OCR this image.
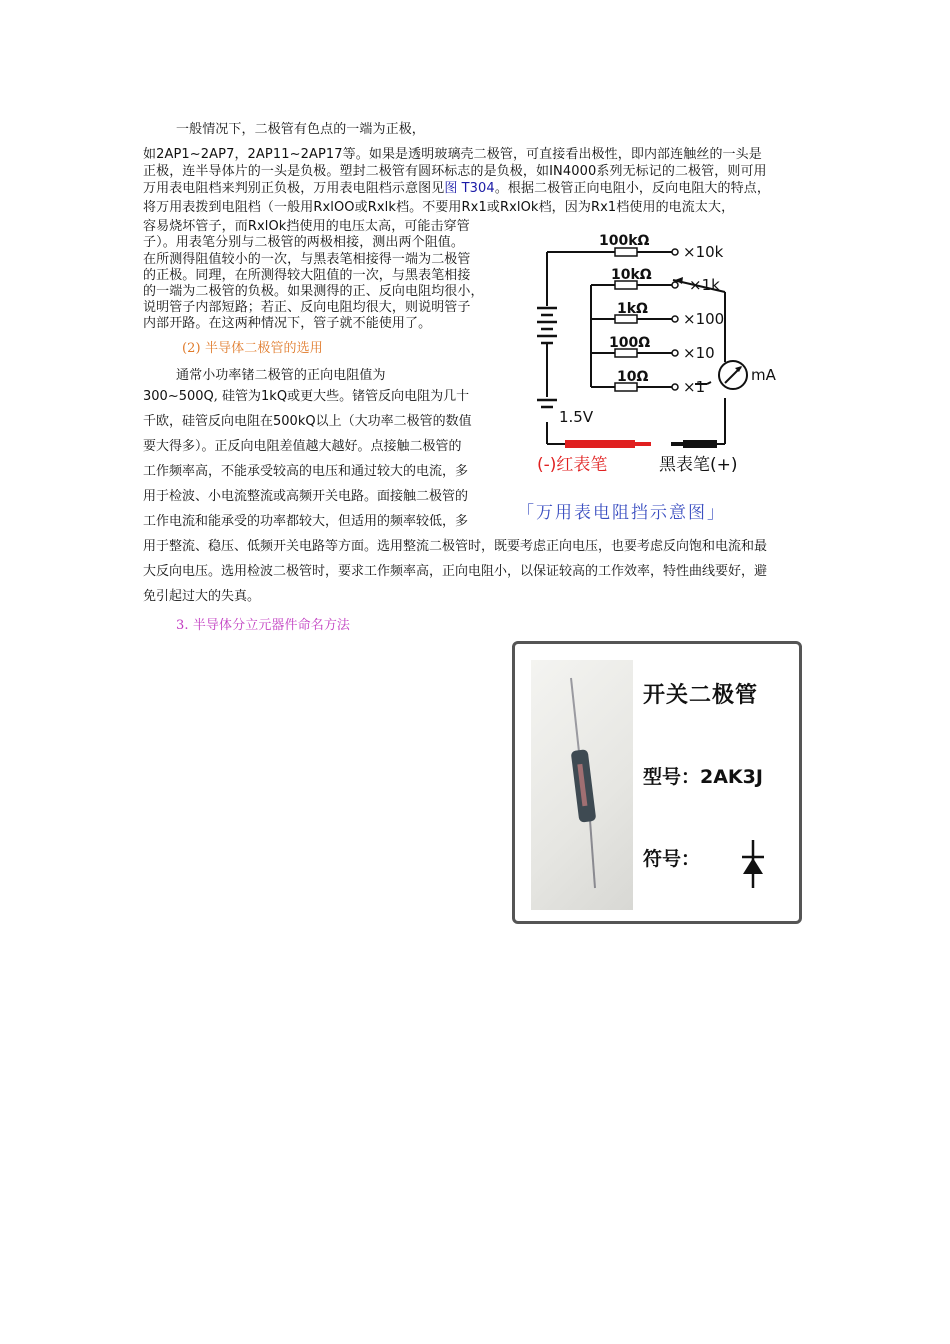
一般情况下，二极管有色点的一端为正极，
如2AP1~2AP7，2AP11~2AP17等。如果是透明玻璃壳二极管，可直接看出极性，即内部连触丝的一头是
正极，连半导体片的一头是负极。塑封二极管有圆环标志的是负极，如IN4000系列无标记的二极管，则可用
万用表电阻档来判别正负极，万用表电阻档示意图见图 T304。根据二极管正向电阻小，反向电阻大的特点，
将万用表拨到电阻档（一般用RxlOO或Rxlk档。不要用Rx1或RxlOk档，因为Rx1档使用的电流太大，
容易烧坏管子，而RxlOk挡使用的电压太高，可能击穿管
子）。用表笔分别与二极管的两极相接，测出两个阻值。
在所测得阻值较小的一次，与黑表笔相接得一端为二极管
的正极。同理，在所测得较大阻值的一次，与黑表笔相接
的一端为二极管的负极。如果测得的正、反向电阻均很小，
说明管子内部短路；若正、反向电阻均很大，则说明管子
内部开路。在这两种情况下，管子就不能使用了。
(2) 半导体二极管的选用
通常小功率锗二极管的正向电阻值为
300~500Q, 硅管为1kQ或更大些。锗管反向电阻为几十
千欧，硅管反向电阻在500kQ以上（大功率二极管的数值
要大得多）。正反向电阻差值越大越好。点接触二极管的
工作频率高，不能承受较高的电压和通过较大的电流，多
用于检波、小电流整流或高频开关电路。面接触二极管的
工作电流和能承受的功率都较大，但适用的频率较低，多
用于整流、稳压、低频开关电路等方面。选用整流二极管时，既要考虑正向电压，也要考虑反向饱和电流和最
大反向电压。选用检波二极管时，要求工作频率高，正向电阻小，以保证较高的工作效率，特性曲线要好，避
免引起过大的失真。
3. 半导体分立元器件命名方法
100kΩ
10kΩ
1kΩ
100Ω
10Ω
×10k
×1k
×100
×10
×1
mA
1.5V
(-)红表笔	黑表笔(+)
「万用表电阻挡示意图」
开关二极管
型号：2AK3J
符号：
